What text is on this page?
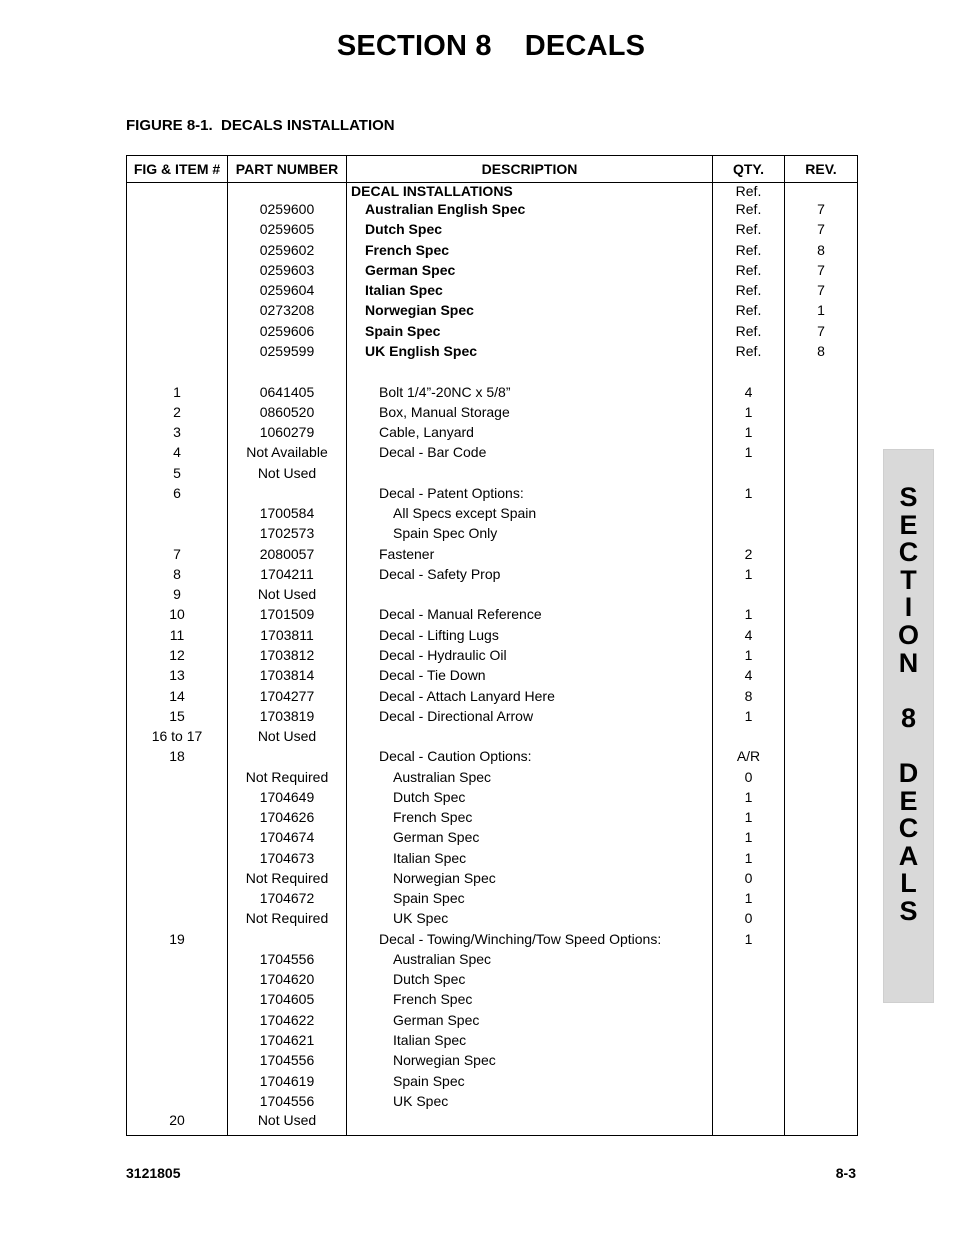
SECTION 8    DECALS
FIGURE 8-1.  DECALS INSTALLATION
FIG & ITEM #	PART NUMBER	DESCRIPTION	QTY.	REV.
		DECAL INSTALLATIONS	Ref.	
	0259600	Australian English Spec	Ref.	7
	0259605	Dutch Spec	Ref.	7
	0259602	French Spec	Ref.	8
	0259603	German Spec	Ref.	7
	0259604	Italian Spec	Ref.	7
	0273208	Norwegian Spec	Ref.	1
	0259606	Spain Spec	Ref.	7
	0259599	UK English Spec	Ref.	8

1	0641405	Bolt 1/4”-20NC x 5/8”	4	
2	0860520	Box, Manual Storage	1	
3	1060279	Cable, Lanyard	1	
4	Not Available	Decal - Bar Code	1	
5	Not Used			
6		Decal - Patent Options:	1	
	1700584	All Specs except Spain		
	1702573	Spain Spec Only		
7	2080057	Fastener	2	
8	1704211	Decal - Safety Prop	1	
9	Not Used			
10	1701509	Decal - Manual Reference	1	
11	1703811	Decal - Lifting Lugs	4	
12	1703812	Decal - Hydraulic Oil	1	
13	1703814	Decal - Tie Down	4	
14	1704277	Decal - Attach Lanyard Here	8	
15	1703819	Decal - Directional Arrow	1	
16 to 17	Not Used			
18		Decal - Caution Options:	A/R	
	Not Required	Australian Spec	0	
	1704649	Dutch Spec	1	
	1704626	French Spec	1	
	1704674	German Spec	1	
	1704673	Italian Spec	1	
	Not Required	Norwegian Spec	0	
	1704672	Spain Spec	1	
	Not Required	UK Spec	0	
19		Decal - Towing/Winching/Tow Speed Options:	1	
	1704556	Australian Spec		
	1704620	Dutch Spec		
	1704605	French Spec		
	1704622	German Spec		
	1704621	Italian Spec		
	1704556	Norwegian Spec		
	1704619	Spain Spec		
	1704556	UK Spec		
20	Not Used			
S
E
C
T
I
O
N
8
D
E
C
A
L
S
3121805	8-3
